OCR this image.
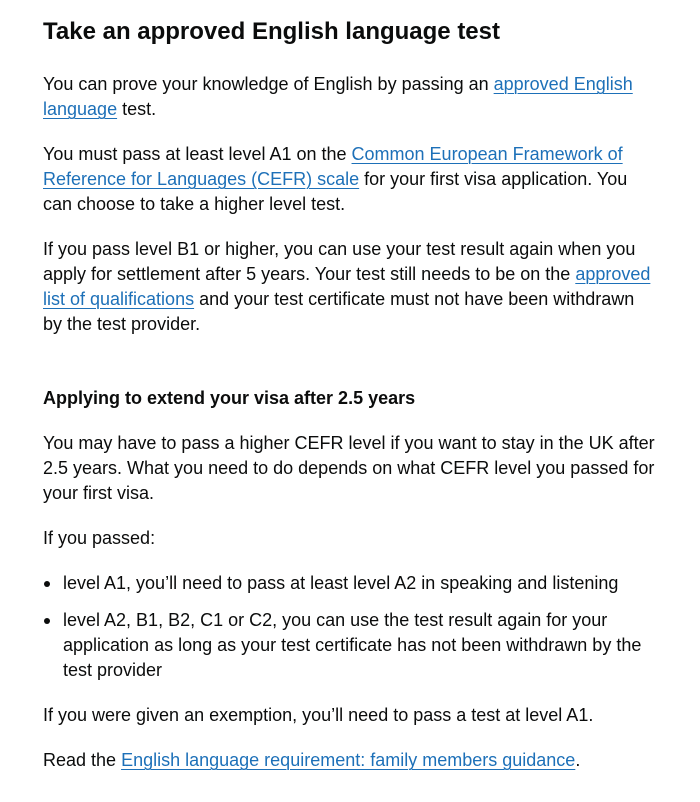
Take an approved English language test

You can prove your knowledge of English by passing an approved English language test.

You must pass at least level A1 on the Common European Framework of Reference for Languages (CEFR) scale for your first visa application. You can choose to take a higher level test.

If you pass level B1 or higher, you can use your test result again when you apply for settlement after 5 years. Your test still needs to be on the approved list of qualifications and your test certificate must not have been withdrawn by the test provider.

Applying to extend your visa after 2.5 years

You may have to pass a higher CEFR level if you want to stay in the UK after 2.5 years. What you need to do depends on what CEFR level you passed for your first visa.

If you passed:

level A1, you’ll need to pass at least level A2 in speaking and listening
level A2, B1, B2, C1 or C2, you can use the test result again for your application as long as your test certificate has not been withdrawn by the test provider

If you were given an exemption, you’ll need to pass a test at level A1.

Read the English language requirement: family members guidance.
